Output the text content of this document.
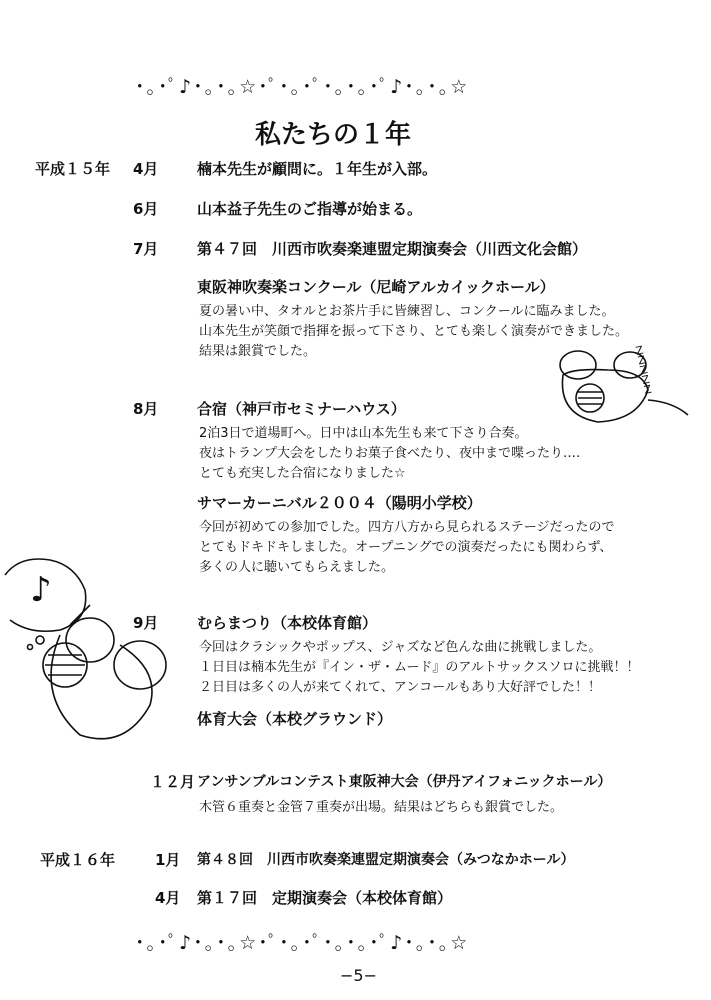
･｡･ﾟ♪･｡･｡☆･ﾟ･｡･ﾟ･｡･｡･ﾟ♪･｡･｡☆
私たちの１年
平成１５年 4月	楠本先生が顧問に。１年生が入部。
6月	山本益子先生のご指導が始まる。
7月	第４７回　川西市吹奏楽連盟定期演奏会（川西文化会館）
東阪神吹奏楽コンクール（尼崎アルカイックホール）
夏の暑い中、タオルとお茶片手に皆練習し、コンクールに臨みました。
山本先生が笑顔で指揮を振って下さり、とても楽しく演奏ができました。
結果は銀賞でした。
8月	合宿（神戸市セミナーハウス）
2泊3日で道場町へ。日中は山本先生も来て下さり合奏。
夜はトランプ大会をしたりお菓子食べたり、夜中まで喋ったり‥‥
とても充実した合宿になりました☆
サマーカーニバル２００４（陽明小学校）
今回が初めての参加でした。四方八方から見られるステージだったので
とてもドキドキしました。オープニングでの演奏だったにも関わらず、
多くの人に聴いてもらえました。
9月	むらまつり（本校体育館）
今回はクラシックやポップス、ジャズなど色んな曲に挑戦しました。
１日目は楠本先生が『イン・ザ・ムード』のアルトサックスソロに挑戦！！
２日目は多くの人が来てくれて、アンコールもあり大好評でした！！
体育大会（本校グラウンド）
１２月 アンサンブルコンテスト東阪神大会（伊丹アイフォニックホール）
木管６重奏と金管７重奏が出場。結果はどちらも銀賞でした。
平成１６年	1月 第４８回　川西市吹奏楽連盟定期演奏会（みつなかホール）
4月 第１７回　定期演奏会（本校体育館）
･｡･ﾟ♪･｡･｡☆･ﾟ･｡･ﾟ･｡･｡･ﾟ♪･｡･｡☆
−5−
Z Z Z Z Z
♪
